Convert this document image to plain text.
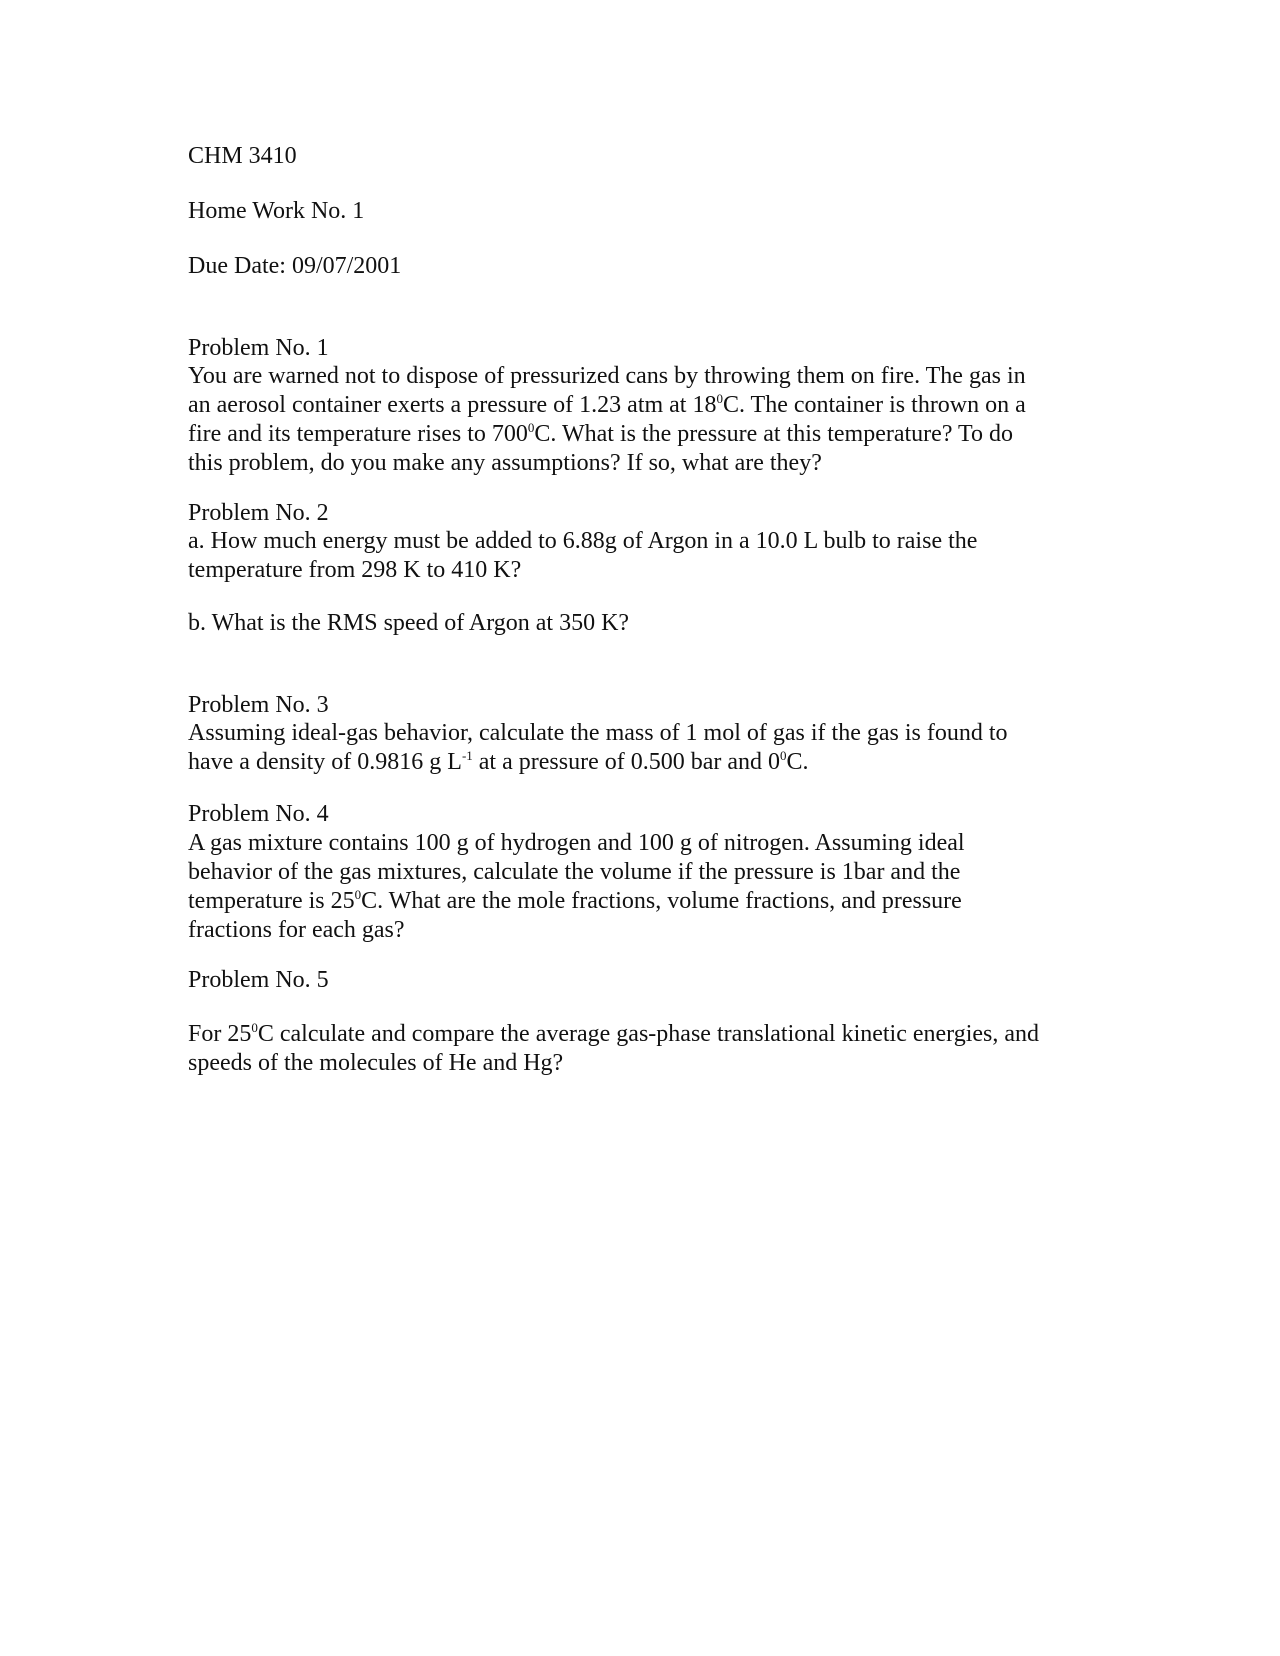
CHM 3410
Home Work No. 1
Due Date: 09/07/2001
Problem No. 1
You are warned not to dispose of pressurized cans by throwing them on fire. The gas in
an aerosol container exerts a pressure of 1.23 atm at $18^0C$. The container is thrown on a
fire and its temperature rises to $700^0C$. What is the pressure at this temperature? To do
this problem, do you make any assumptions? If so, what are they?
Problem No. 2
a. How much energy must be added to 6.88g of Argon in a 10.0 L bulb to raise the
temperature from 298 K to 410 K?
b. What is the RMS speed of Argon at 350 K?
Problem No. 3
Assuming ideal-gas behavior, calculate the mass of 1 mol of gas if the gas is found to
have a density of 0.9816 g $L^{-1}$ at a pressure of 0.500 bar and $0^0C$.
Problem No. 4
A gas mixture contains 100 g of hydrogen and 100 g of nitrogen. Assuming ideal
behavior of the gas mixtures, calculate the volume if the pressure is 1bar and the
temperature is $25^0C$. What are the mole fractions, volume fractions, and pressure
fractions for each gas?
Problem No. 5
For $25^0C$ calculate and compare the average gas-phase translational kinetic energies, and
speeds of the molecules of He and Hg?
